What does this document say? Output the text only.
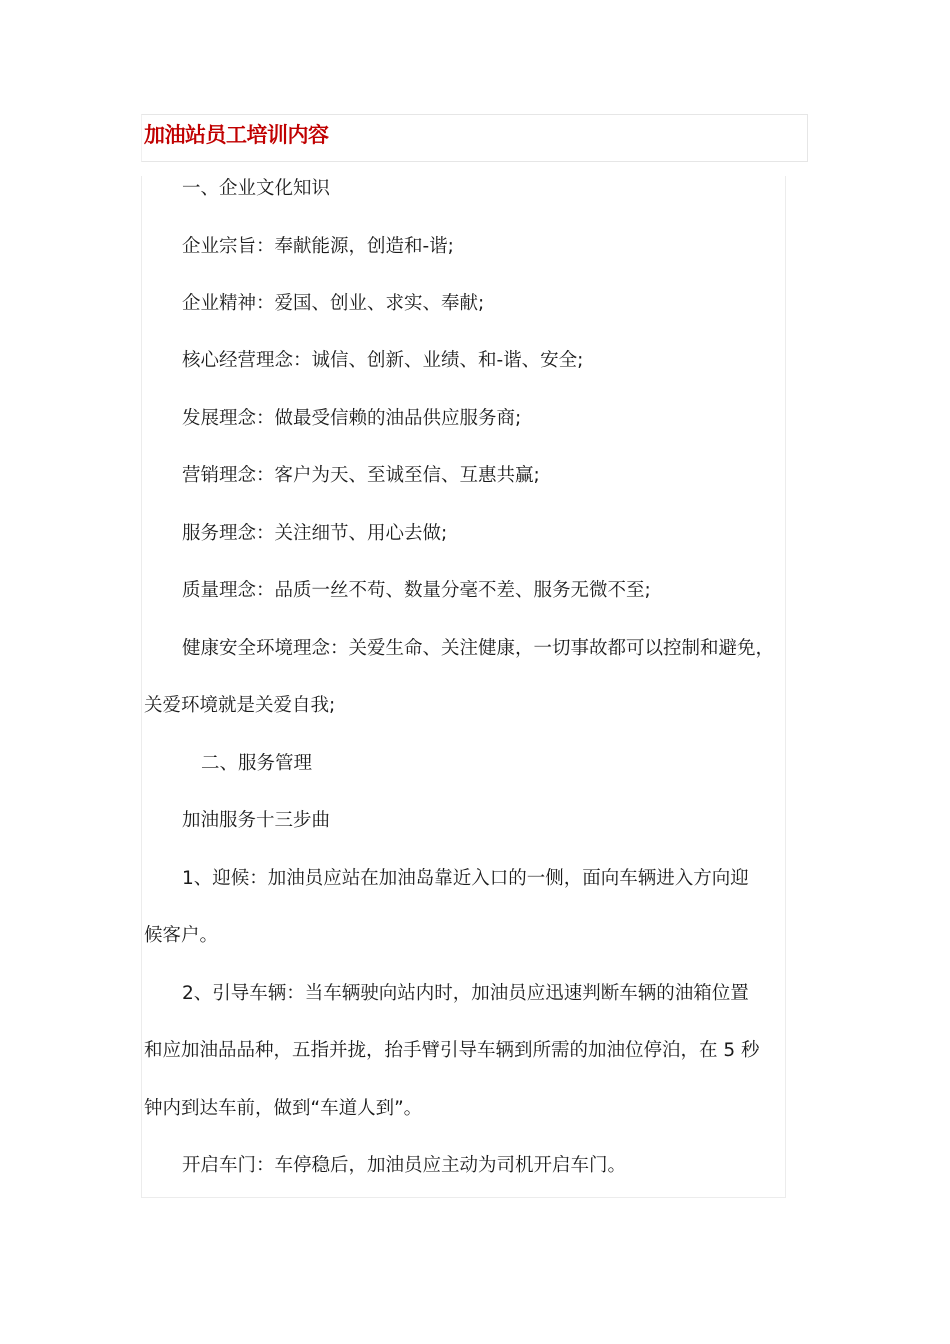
加油站员工培训内容

一、企业文化知识

企业宗旨：奉献能源，创造和-谐;

企业精神：爱国、创业、求实、奉献;

核心经营理念：诚信、创新、业绩、和-谐、安全;

发展理念：做最受信赖的油品供应服务商;

营销理念：客户为天、至诚至信、互惠共赢;

服务理念：关注细节、用心去做;

质量理念：品质一丝不苟、数量分毫不差、服务无微不至;

健康安全环境理念：关爱生命、关注健康，一切事故都可以控制和避免，

关爱环境就是关爱自我;

二、服务管理

加油服务十三步曲

1、迎候：加油员应站在加油岛靠近入口的一侧，面向车辆进入方向迎

候客户。

2、引导车辆：当车辆驶向站内时，加油员应迅速判断车辆的油箱位置

和应加油品品种，五指并拢，抬手臂引导车辆到所需的加油位停泊，在 5 秒

钟内到达车前，做到“车道人到”。

开启车门：车停稳后，加油员应主动为司机开启车门。
